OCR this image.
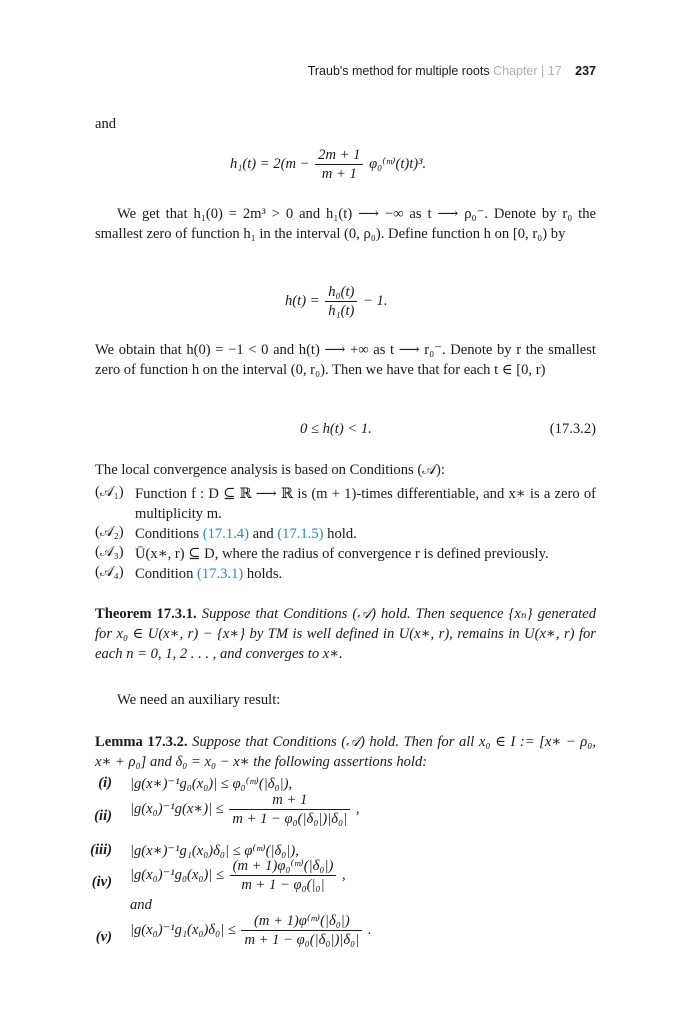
Traub's method for multiple roots Chapter | 17 237
and
$h_1(t) = 2(m - \frac{2m + 1}{m + 1}$ φ₀⁽ᵐ⁾(t)t)³.
We get that h₁(0) = 2m³ > 0 and h₁(t) ⟶ −∞ as t ⟶ ρ₀⁻. Denote by r₀ the smallest zero of function h₁ in the interval (0, ρ₀). Define function h on [0, r₀) by
$h(t) = \frac{\text{h₀(t)}}{\text{h₁(t)}} - 1$.
We obtain that h(0) = −1 < 0 and h(t) ⟶ +∞ as t ⟶ r₀⁻. Denote by r the smallest zero of function h on the interval (0, r₀). Then we have that for each t ∈ [0, r)
0 ≤ h(t) < 1.	(17.3.2)
The local convergence analysis is based on Conditions (𝒜):
(𝒜₁) Function f : D ⊆ ℝ ⟶ ℝ is (m + 1)-times differentiable, and x∗ is a zero of multiplicity m.
(𝒜₂) Conditions (17.1.4) and (17.1.5) hold.
(𝒜₃) Ū(x∗, r) ⊆ D, where the radius of convergence r is defined previously.
(𝒜₄) Condition (17.3.1) holds.
Theorem 17.3.1. Suppose that Conditions (𝒜) hold. Then sequence {xₙ} generated for x₀ ∈ U(x∗, r) − {x∗} by TM is well defined in U(x∗, r), remains in U(x∗, r) for each n = 0, 1, 2 . . . , and converges to x∗.
We need an auxiliary result:
Lemma 17.3.2. Suppose that Conditions (𝒜) hold. Then for all x₀ ∈ I := [x∗ − ρ₀, x∗ + ρ₀] and δ₀ = x₀ − x∗ the following assertions hold:
(i) |g(x∗)⁻¹g₀(x₀)| ≤ φ₀⁽ᵐ⁾(|δ₀|),
(ii) |g(x₀)⁻¹g(x∗)| ≤ $\frac{m + 1}{\text{m + 1 − φ₀(|δ₀|)|δ₀|}}$ ,
(iii) |g(x∗)⁻¹g₁(x₀)δ₀| ≤ φ⁽ᵐ⁾(|δ₀|),
(iv) $|g(x_0)^{-1}g_0(x_0)| \le \frac{\text{(m + 1)φ₀⁽ᵐ⁾(|δ₀|)}}{\text{m + 1 − φ₀(|₀|}}$ ,
and
(v) $|g(x_0)^{-1}g_1(x_0)\delta_0| \le \frac{\text{(m + 1)φ⁽ᵐ⁾(|δ₀|)}}{\text{m + 1 − φ₀(|δ₀|)|δ₀|}}$ .
